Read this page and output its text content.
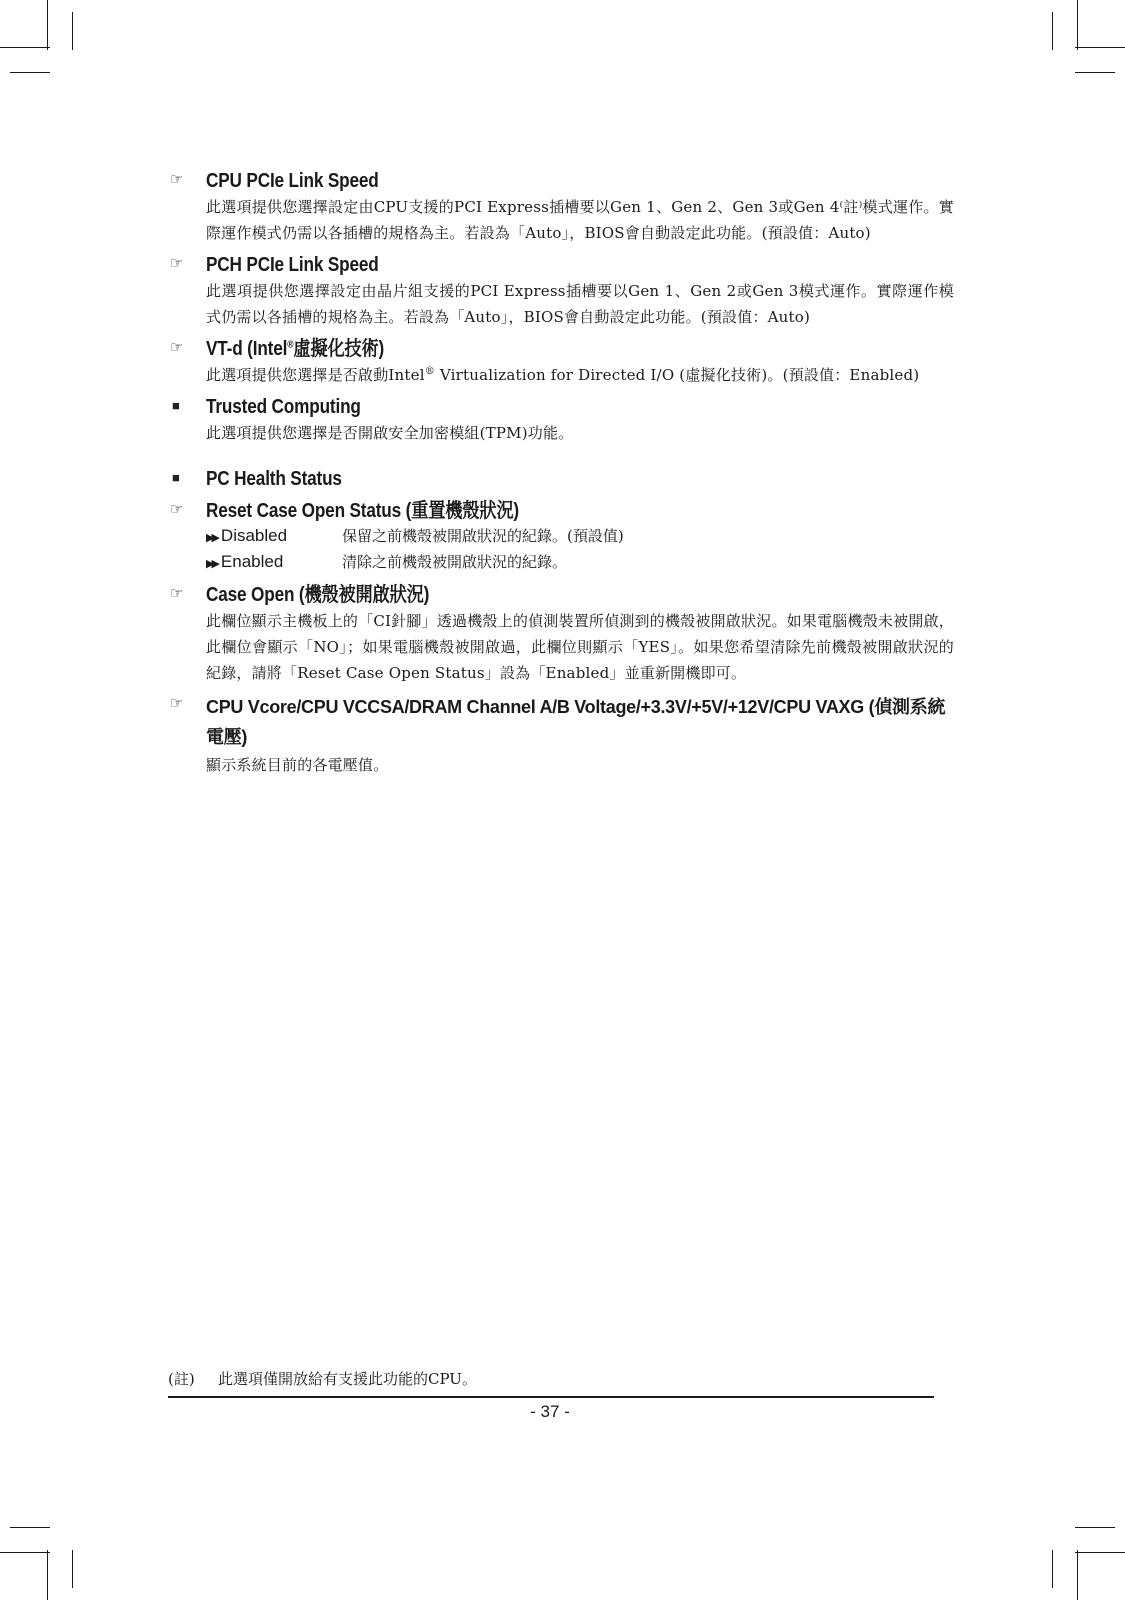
☞	CPU PCIe Link Speed
此選項提供您選擇設定由CPU支援的PCI Express插槽要以Gen 1、Gen 2、Gen 3或Gen 4⁽註⁾模式運作。實際運作模式仍需以各插槽的規格為主。若設為「Auto」，BIOS會自動設定此功能。(預設值：Auto)
☞	PCH PCIe Link Speed
此選項提供您選擇設定由晶片組支援的PCI Express插槽要以Gen 1、Gen 2或Gen 3模式運作。實際運作模式仍需以各插槽的規格為主。若設為「Auto」，BIOS會自動設定此功能。(預設值：Auto)
☞	VT-d (Intel®虛擬化技術)
此選項提供您選擇是否啟動Intel® Virtualization for Directed I/O (虛擬化技術)。(預設值：Enabled)
■	Trusted Computing
此選項提供您選擇是否開啟安全加密模組(TPM)功能。
■	PC Health Status
☞	Reset Case Open Status (重置機殼狀況)
▶▶ Disabled	保留之前機殼被開啟狀況的紀錄。(預設值)
▶▶ Enabled	清除之前機殼被開啟狀況的紀錄。
☞	Case Open (機殼被開啟狀況)
此欄位顯示主機板上的「CI針腳」透過機殼上的偵測裝置所偵測到的機殼被開啟狀況。如果電腦機殼未被開啟，此欄位會顯示「NO」；如果電腦機殼被開啟過，此欄位則顯示「YES」。如果您希望清除先前機殼被開啟狀況的紀錄，請將「Reset Case Open Status」設為「Enabled」並重新開機即可。
☞	CPU Vcore/CPU VCCSA/DRAM Channel A/B Voltage/+3.3V/+5V/+12V/CPU VAXG (偵測系統電壓)
顯示系統目前的各電壓值。
(註) 此選項僅開放給有支援此功能的CPU。
- 37 -
